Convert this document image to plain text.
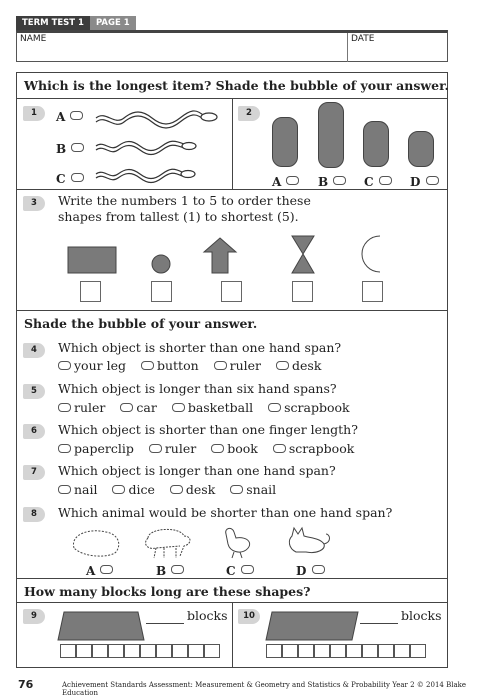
TERM TEST 1	PAGE 1
NAME	DATE
Which is the longest item? Shade the bubble of your answer.
1	A
B
C
2
A	B	C	D
3	Write the numbers 1 to 5 to order these
shapes from tallest (1) to shortest (5).
Shade the bubble of your answer.
4	Which object is shorter than one hand span?
your leg button ruler desk
5	Which object is longer than six hand spans?
ruler car basketball scrapbook
6	Which object is shorter than one finger length?
paperclip ruler book scrapbook
7	Which object is longer than one hand span?
nail dice desk snail
8	Which animal would be shorter than one hand span?
A	B	C	D
How many blocks long are these shapes?
9	blocks	10	blocks
76	Achievement Standards Assessment: Measurement & Geometry and Statistics & Probability Year 2 © 2014 Blake Education
